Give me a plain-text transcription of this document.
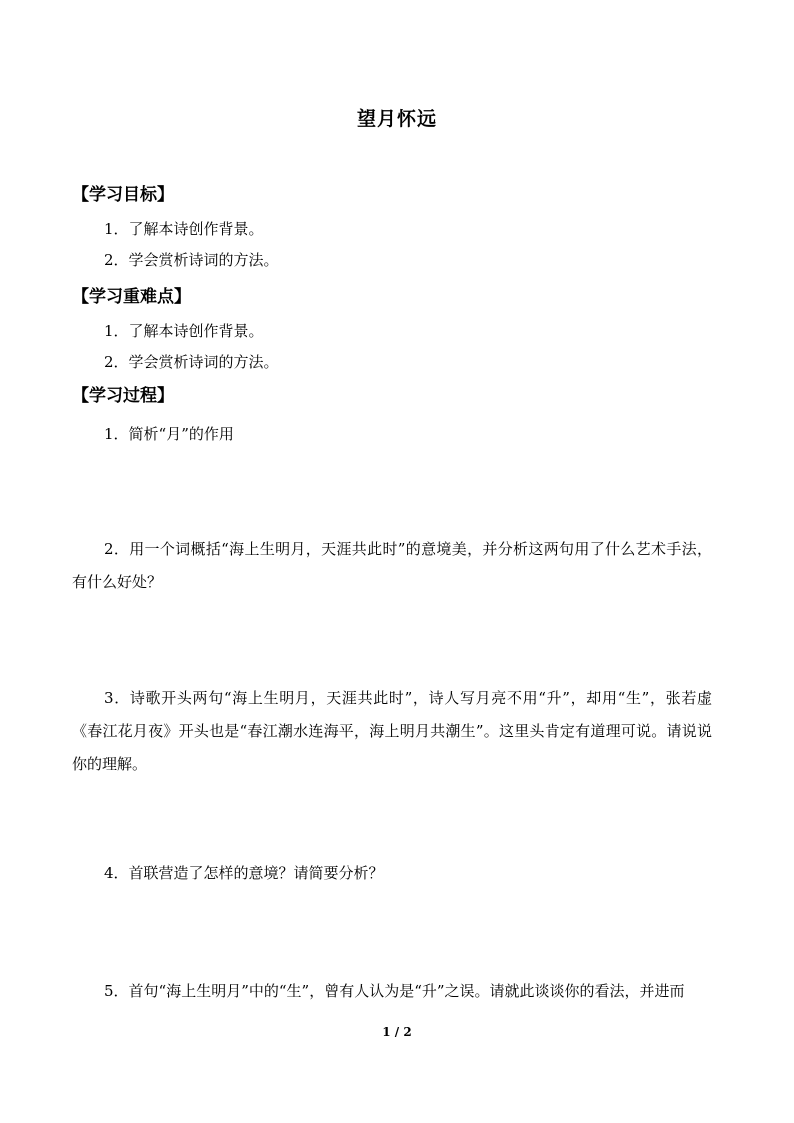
望月怀远
【学习目标】
1．了解本诗创作背景。
2．学会赏析诗词的方法。
【学习重难点】
1．了解本诗创作背景。
2．学会赏析诗词的方法。
【学习过程】
1．简析“月”的作用
2．用一个词概括“海上生明月，天涯共此时”的意境美，并分析这两句用了什么艺术手法，有什么好处？
3．诗歌开头两句“海上生明月，天涯共此时”，诗人写月亮不用“升”，却用“生”，张若虚《春江花月夜》开头也是“春江潮水连海平，海上明月共潮生”。这里头肯定有道理可说。请说说你的理解。
4．首联营造了怎样的意境？请简要分析？
5．首句“海上生明月”中的“生”，曾有人认为是“升”之误。请就此谈谈你的看法，并进而
1 / 2
